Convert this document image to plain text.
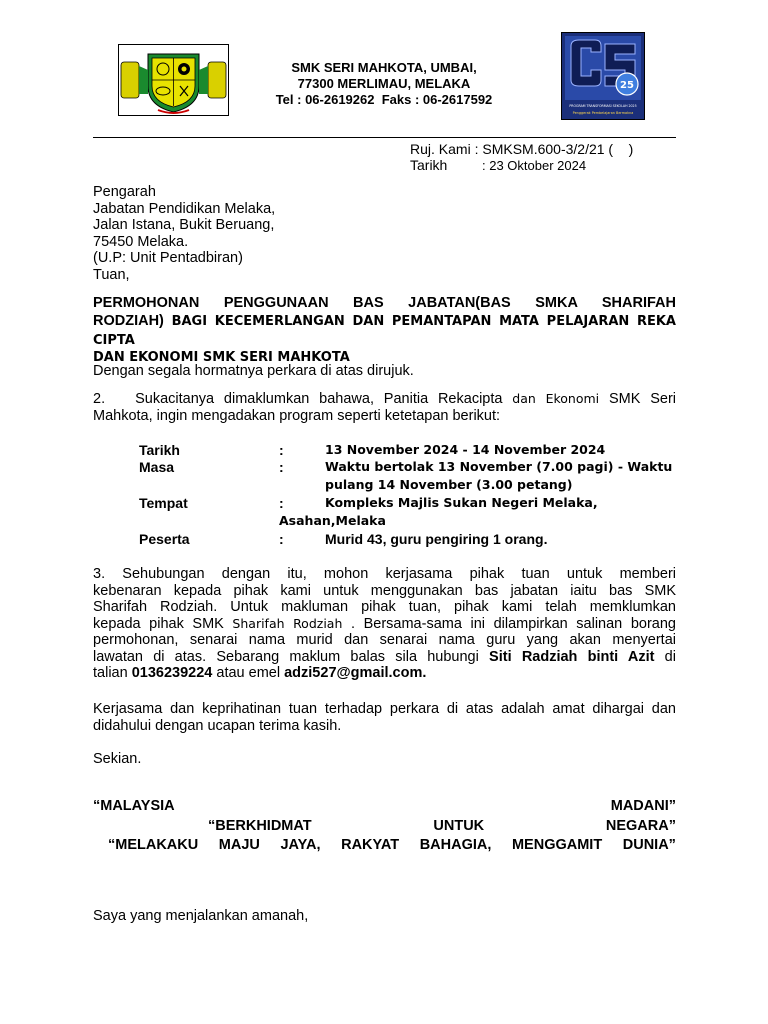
SMK SERI MAHKOTA, UMBAI,
77300 MERLIMAU, MELAKA
Tel : 06-2619262  Faks : 06-2617592
25
PROGRAM TRANSFORMASI SEKOLAH 2025
Penggerak Pembelajaran Bermakna
Ruj. Kami : SMKSM.600-3/2/21 (    )
Tarikh	: 23 Oktober 2024
Pengarah
Jabatan Pendidikan Melaka,
Jalan Istana, Bukit Beruang,
75450 Melaka.
(U.P: Unit Pentadbiran)
Tuan,
PERMOHONAN PENGGUNAAN BAS JABATAN(BAS SMKA SHARIFAH
RODZIAH) BAGI KECEMERLANGAN DAN PEMANTAPAN MATA PELAJARAN REKA CIPTA
DAN EKONOMI SMK SERI MAHKOTA
Dengan segala hormatnya perkara di atas dirujuk.
2. Sukacitanya dimaklumkan bahawa, Panitia Rekacipta dan Ekonomi SMK Seri
Mahkota, ingin mengadakan program seperti ketetapan berikut:
Tarikh	:	13 November 2024 - 14 November 2024
Masa	:	Waktu bertolak 13 November (7.00 pagi) - Waktu pulang 14 November (3.00 petang)
Tempat	:	Kompleks Majlis Sukan Negeri Melaka,
Asahan,Melaka
Peserta	:	Murid 43, guru pengiring 1 orang.
3. Sehubungan dengan itu, mohon kerjasama pihak tuan untuk memberi
kebenaran kepada pihak kami untuk menggunakan bas jabatan iaitu bas SMK
Sharifah Rodziah. Untuk makluman pihak tuan, pihak kami telah memklumkan
kepada pihak SMK Sharifah Rodziah . Bersama-sama ini dilampirkan salinan borang
permohonan, senarai nama murid dan senarai nama guru yang akan menyertai
lawatan di atas. Sebarang maklum balas sila hubungi Siti Radziah binti Azit di
talian 0136239224 atau emel adzi527@gmail.com.
Kerjasama dan keprihatinan tuan terhadap perkara di atas adalah amat dihargai dan
didahului dengan ucapan terima kasih.
Sekian.
“MALAYSIA	MADANI”
“BERKHIDMAT	UNTUK	NEGARA”
“MELAKAKU MAJU JAYA, RAKYAT BAHAGIA, MENGGAMIT DUNIA”
Saya yang menjalankan amanah,
